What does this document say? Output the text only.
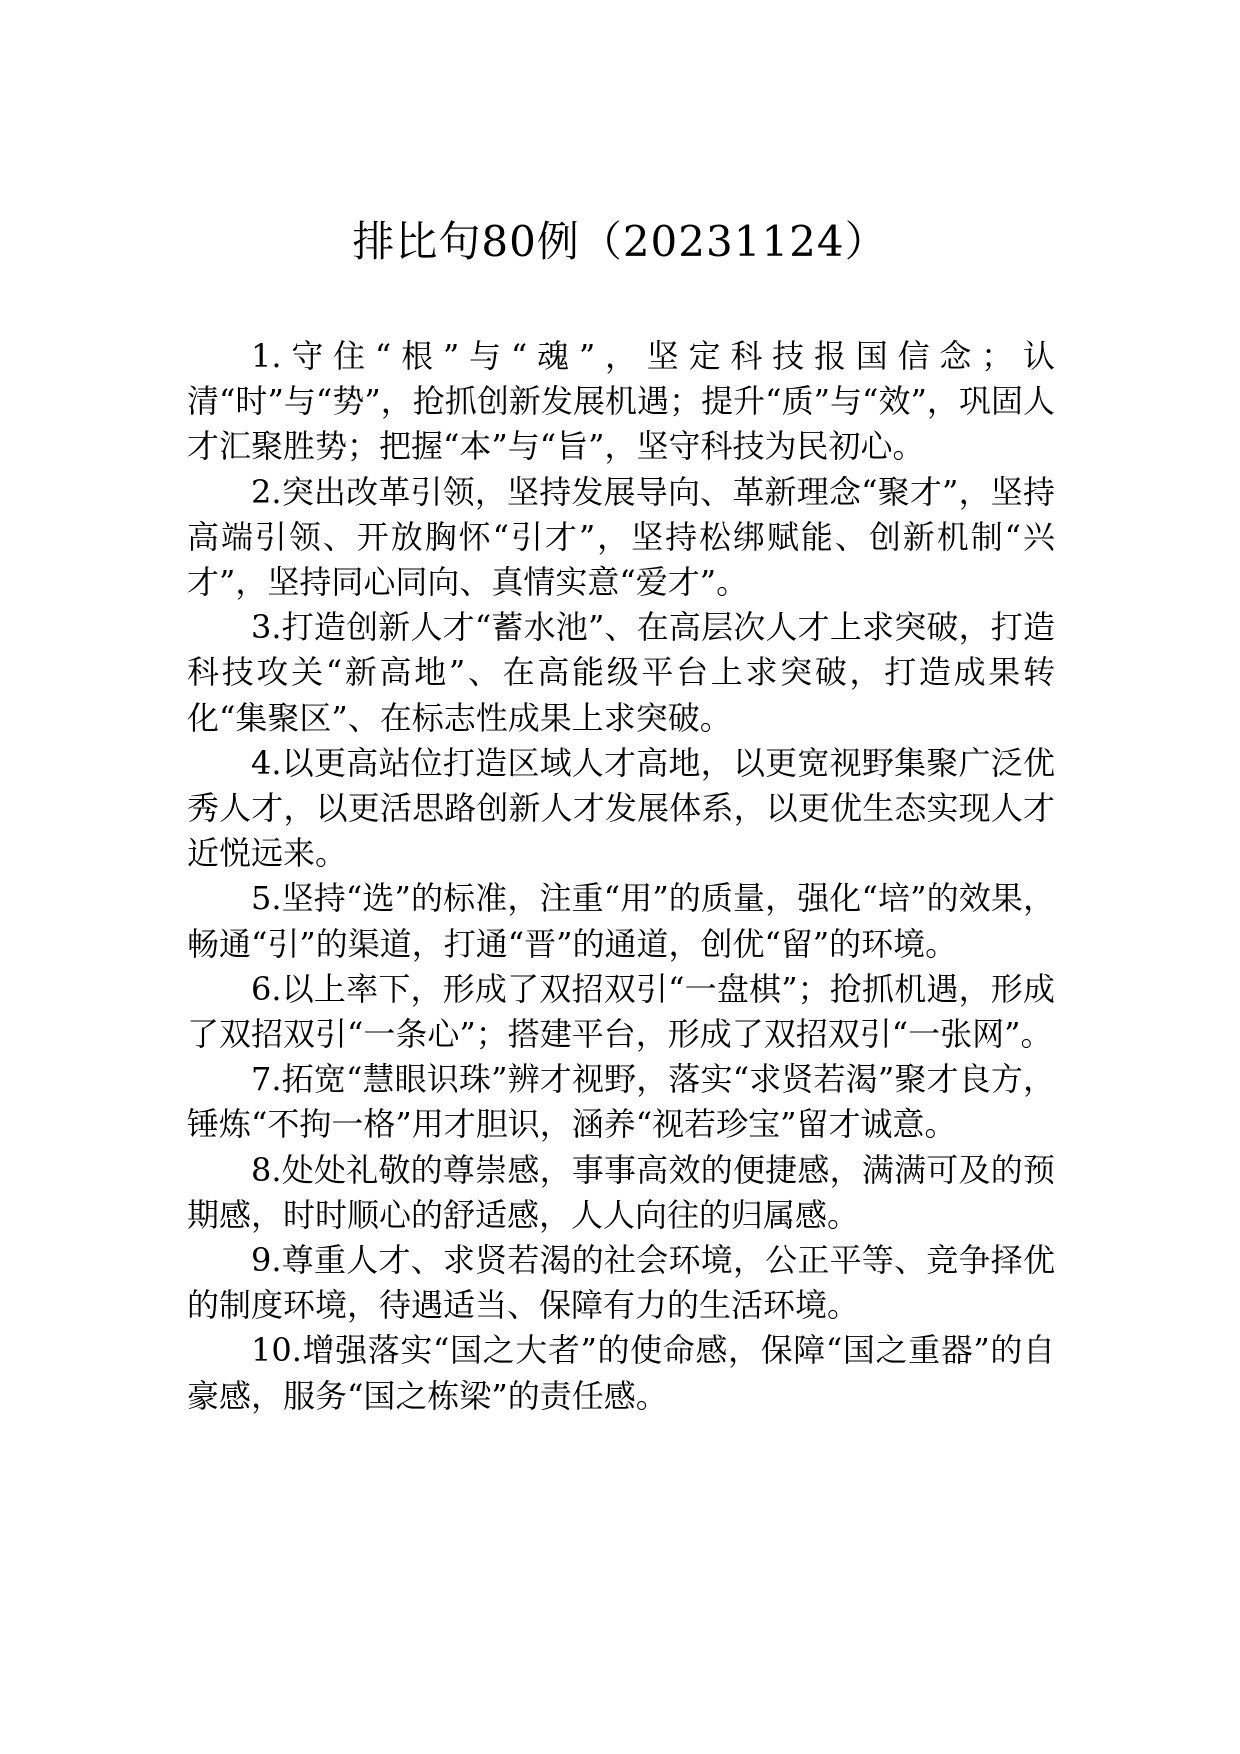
排比句80例（20231124）

1.守住“根”与“魂”，坚定科技报国信念；认清“时”与“势”，抢抓创新发展机遇；提升“质”与“效”，巩固人才汇聚胜势；把握“本”与“旨”，坚守科技为民初心。

2.突出改革引领，坚持发展导向、革新理念“聚才”，坚持高端引领、开放胸怀“引才”，坚持松绑赋能、创新机制“兴才”，坚持同心同向、真情实意“爱才”。

3.打造创新人才“蓄水池”、在高层次人才上求突破，打造科技攻关“新高地”、在高能级平台上求突破，打造成果转化“集聚区”、在标志性成果上求突破。

4.以更高站位打造区域人才高地，以更宽视野集聚广泛优秀人才，以更活思路创新人才发展体系，以更优生态实现人才近悦远来。

5.坚持“选”的标准，注重“用”的质量，强化“培”的效果，畅通“引”的渠道，打通“晋”的通道，创优“留”的环境。

6.以上率下，形成了双招双引“一盘棋”；抢抓机遇，形成了双招双引“一条心”；搭建平台，形成了双招双引“一张网”。

7.拓宽“慧眼识珠”辨才视野，落实“求贤若渴”聚才良方，锤炼“不拘一格”用才胆识，涵养“视若珍宝”留才诚意。

8.处处礼敬的尊崇感，事事高效的便捷感，满满可及的预期感，时时顺心的舒适感，人人向往的归属感。

9.尊重人才、求贤若渴的社会环境，公正平等、竞争择优的制度环境，待遇适当、保障有力的生活环境。

10.增强落实“国之大者”的使命感，保障“国之重器”的自豪感，服务“国之栋梁”的责任感。
